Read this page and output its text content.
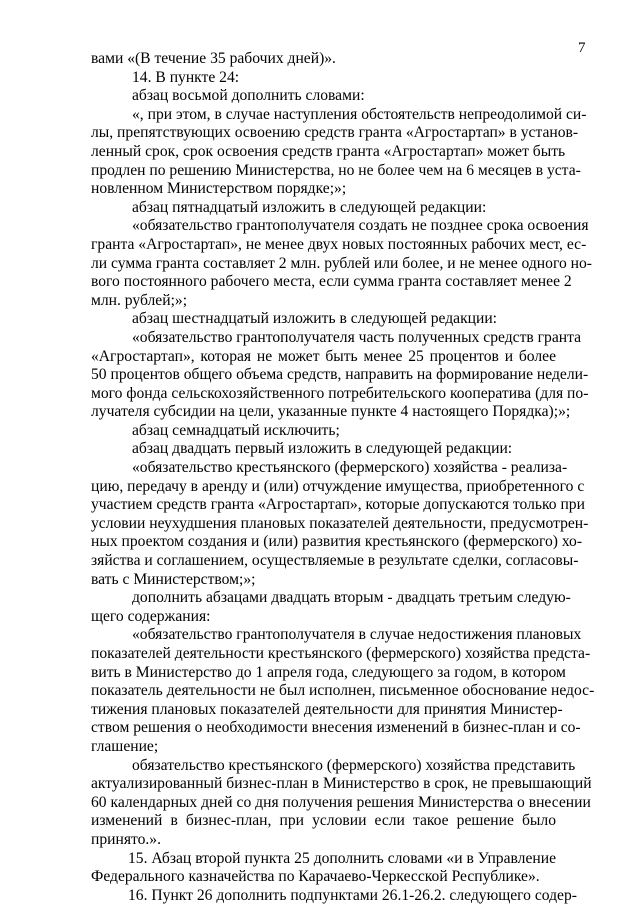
7
вами «(В течение 35 рабочих дней)».
14. В пункте 24:
абзац восьмой дополнить словами:
«, при этом, в случае наступления обстоятельств непреодолимой си-
лы, препятствующих освоению средств гранта «Агростартап» в установ-
ленный срок, срок освоения средств гранта «Агростартап» может быть
продлен по решению Министерства, но не более чем на 6 месяцев в уста-
новленном Министерством порядке;»;
абзац пятнадцатый изложить в следующей редакции:
«обязательство грантополучателя создать не позднее срока освоения
гранта «Агростартап», не менее двух новых постоянных рабочих мест, ес-
ли сумма гранта составляет 2 млн. рублей или более, и не менее одного но-
вого постоянного рабочего места, если сумма гранта составляет менее 2
млн. рублей;»;
абзац шестнадцатый изложить в следующей редакции:
«обязательство грантополучателя часть полученных средств гранта
«Агростартап», которая не может быть менее 25 процентов и более
50 процентов общего объема средств, направить на формирование недели-
мого фонда сельскохозяйственного потребительского кооператива (для по-
лучателя субсидии на цели, указанные пункте 4 настоящего Порядка);»;
абзац семнадцатый исключить;
абзац двадцать первый изложить в следующей редакции:
«обязательство крестьянского (фермерского) хозяйства - реализа-
цию, передачу в аренду и (или) отчуждение имущества, приобретенного с
участием средств гранта «Агростартап», которые допускаются только при
условии неухудшения плановых показателей деятельности, предусмотрен-
ных проектом создания и (или) развития крестьянского (фермерского) хо-
зяйства и соглашением, осуществляемые в результате сделки, согласовы-
вать с Министерством;»;
дополнить абзацами двадцать вторым - двадцать третьим следую-
щего содержания:
«обязательство грантополучателя в случае недостижения плановых
показателей деятельности крестьянского (фермерского) хозяйства предста-
вить в Министерство до 1 апреля года, следующего за годом, в котором
показатель деятельности не был исполнен, письменное обоснование недос-
тижения плановых показателей деятельности для принятия Министер-
ством решения о необходимости внесения изменений в бизнес-план и со-
глашение;
обязательство крестьянского (фермерского) хозяйства представить
актуализированный бизнес-план в Министерство в срок, не превышающий
60 календарных дней со дня получения решения Министерства о внесении
изменений в бизнес-план, при условии если такое решение было
принято.».
15. Абзац второй пункта 25 дополнить словами «и в Управление
Федерального казначейства по Карачаево-Черкесской Республике».
16. Пункт 26 дополнить подпунктами 26.1-26.2. следующего содер-
